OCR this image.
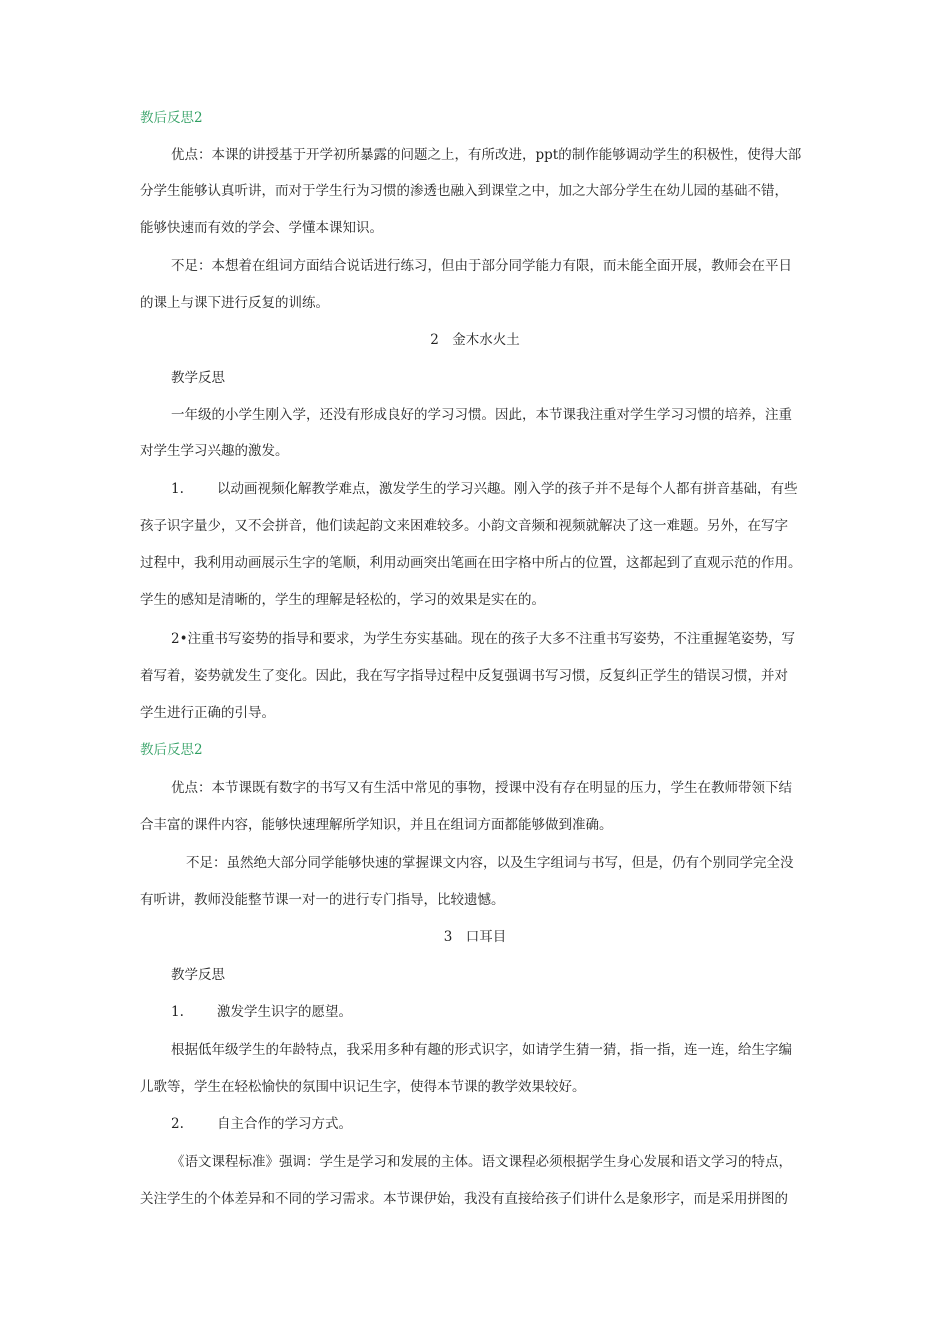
教后反思2
优点：本课的讲授基于开学初所暴露的问题之上，有所改进，ppt的制作能够调动学生的积极性，使得大部
分学生能够认真听讲，而对于学生行为习惯的渗透也融入到课堂之中，加之大部分学生在幼儿园的基础不错，
能够快速而有效的学会、学懂本课知识。
不足：本想着在组词方面结合说话进行练习，但由于部分同学能力有限，而未能全面开展，教师会在平日
的课上与课下进行反复的训练。
2　金木水火土
教学反思
一年级的小学生刚入学，还没有形成良好的学习习惯。因此，本节课我注重对学生学习习惯的培养，注重
对学生学习兴趣的激发。
1. 以动画视频化解教学难点，激发学生的学习兴趣。刚入学的孩子并不是每个人都有拼音基础，有些
孩子识字量少，又不会拼音，他们读起韵文来困难较多。小韵文音频和视频就解决了这一难题。另外，在写字
过程中，我利用动画展示生字的笔顺，利用动画突出笔画在田字格中所占的位置，这都起到了直观示范的作用。
学生的感知是清晰的，学生的理解是轻松的，学习的效果是实在的。
2•注重书写姿势的指导和要求，为学生夯实基础。现在的孩子大多不注重书写姿势，不注重握笔姿势，写
着写着，姿势就发生了变化。因此，我在写字指导过程中反复强调书写习惯，反复纠正学生的错误习惯，并对
学生进行正确的引导。
教后反思2
优点：本节课既有数字的书写又有生活中常见的事物，授课中没有存在明显的压力，学生在教师带领下结
合丰富的课件内容，能够快速理解所学知识，并且在组词方面都能够做到准确。
不足：虽然绝大部分同学能够快速的掌握课文内容，以及生字组词与书写，但是，仍有个别同学完全没
有听讲，教师没能整节课一对一的进行专门指导，比较遗憾。
3　口耳目
教学反思
1. 激发学生识字的愿望。
根据低年级学生的年龄特点，我采用多种有趣的形式识字，如请学生猜一猜，指一指，连一连，给生字编
儿歌等，学生在轻松愉快的氛围中识记生字，使得本节课的教学效果较好。
2. 自主合作的学习方式。
《语文课程标准》强调：学生是学习和发展的主体。语文课程必须根据学生身心发展和语文学习的特点，
关注学生的个体差异和不同的学习需求。本节课伊始，我没有直接给孩子们讲什么是象形字，而是采用拼图的
